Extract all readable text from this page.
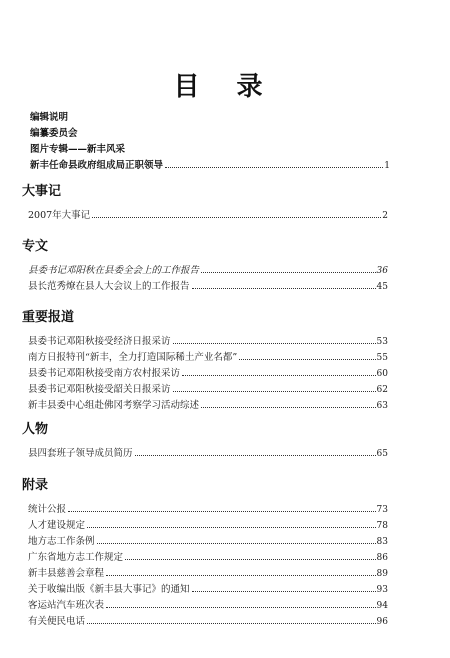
目 录
编辑说明
编纂委员会
图片专辑——新丰风采
新丰任命县政府组成局正职领导	1
大事记
2007年大事记	2
专文
县委书记邓阳秋在县委全会上的工作报告	36
县长范秀燎在县人大会议上的工作报告	45
重要报道
县委书记邓阳秋接受经济日报采访	53
南方日报特刊“新丰，全力打造国际稀土产业名都”	55
县委书记邓阳秋接受南方农村报采访	60
县委书记邓阳秋接受韶关日报采访	62
新丰县委中心组赴佛冈考察学习活动综述	63
人物
县四套班子领导成员简历	65
附录
统计公报	73
人才建设规定	78
地方志工作条例	83
广东省地方志工作规定	86
新丰县慈善会章程	89
关于收编出版《新丰县大事记》的通知	93
客运站汽车班次表	94
有关便民电话	96
